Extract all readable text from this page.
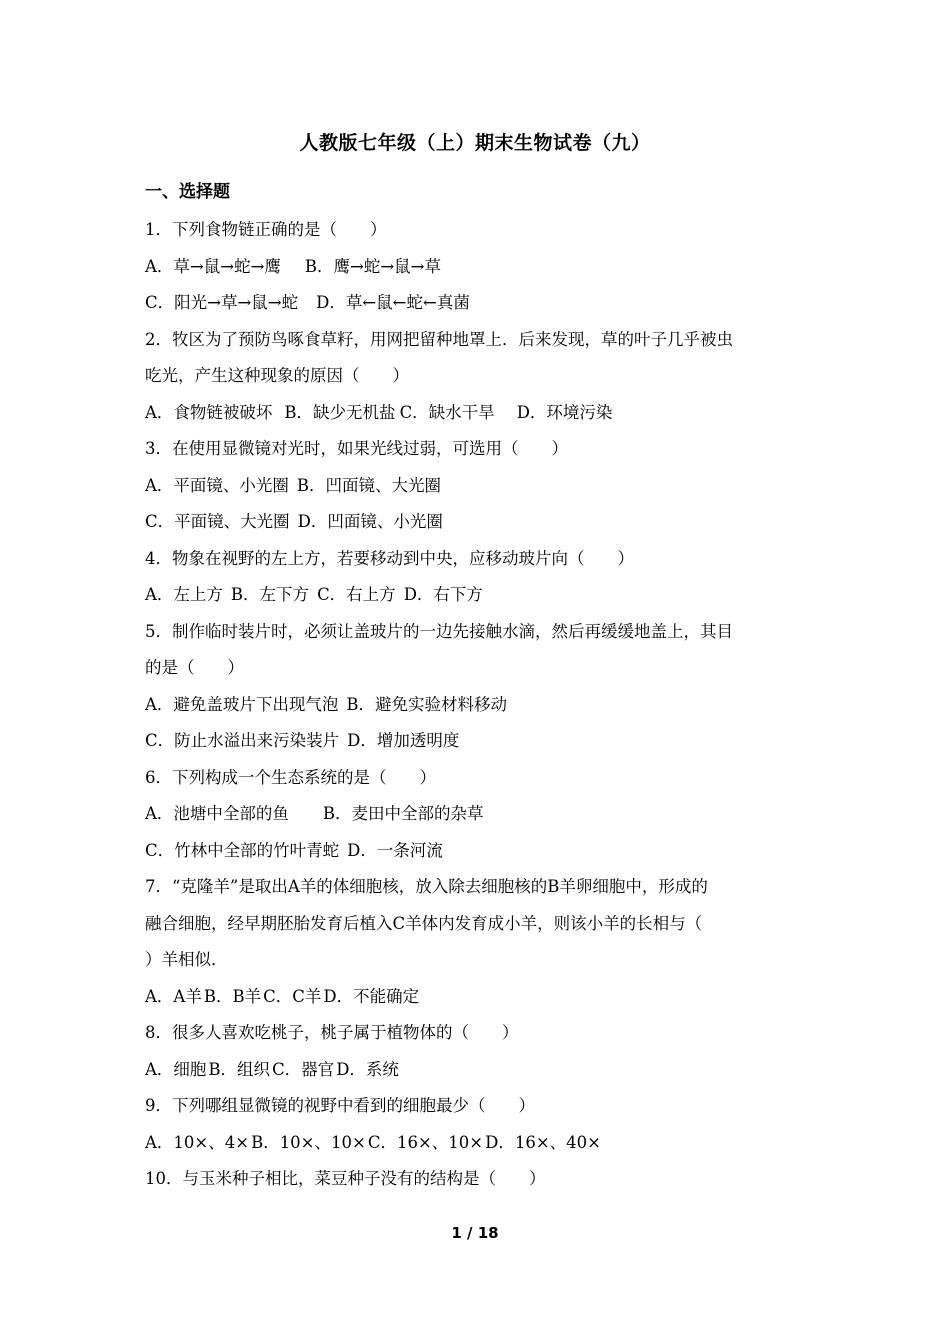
人教版七年级（上）期末生物试卷（九）
一、选择题
1．下列食物链正确的是（　　）
A．草→鼠→蛇→鹰 B．鹰→蛇→鼠→草
C．阳光→草→鼠→蛇 D．草←鼠←蛇←真菌
2．牧区为了预防鸟啄食草籽，用网把留种地罩上．后来发现，草的叶子几乎被虫
吃光，产生这种现象的原因（　　）
A．食物链被破坏 B．缺少无机盐 C．缺水干旱 D．环境污染
3．在使用显微镜对光时，如果光线过弱，可选用（　　）
A．平面镜、小光圈 B．凹面镜、大光圈
C．平面镜、大光圈 D．凹面镜、小光圈
4．物象在视野的左上方，若要移动到中央，应移动玻片向（　　）
A．左上方 B．左下方 C．右上方 D．右下方
5．制作临时装片时，必须让盖玻片的一边先接触水滴，然后再缓缓地盖上，其目
的是（　　）
A．避免盖玻片下出现气泡 B．避免实验材料移动
C．防止水溢出来污染装片 D．增加透明度
6．下列构成一个生态系统的是（　　）
A．池塘中全部的鱼 B．麦田中全部的杂草
C．竹林中全部的竹叶青蛇 D．一条河流
7．“克隆羊”是取出A羊的体细胞核，放入除去细胞核的B羊卵细胞中，形成的
融合细胞，经早期胚胎发育后植入C羊体内发育成小羊，则该小羊的长相与（
）羊相似．
A．A羊 B．B羊 C．C羊 D．不能确定
8．很多人喜欢吃桃子，桃子属于植物体的（　　）
A．细胞 B．组织 C．器官 D．系统
9．下列哪组显微镜的视野中看到的细胞最少（　　）
A．10×、4× B．10×、10× C．16×、10× D．16×、40×
10．与玉米种子相比，菜豆种子没有的结构是（　　）
1 / 18
